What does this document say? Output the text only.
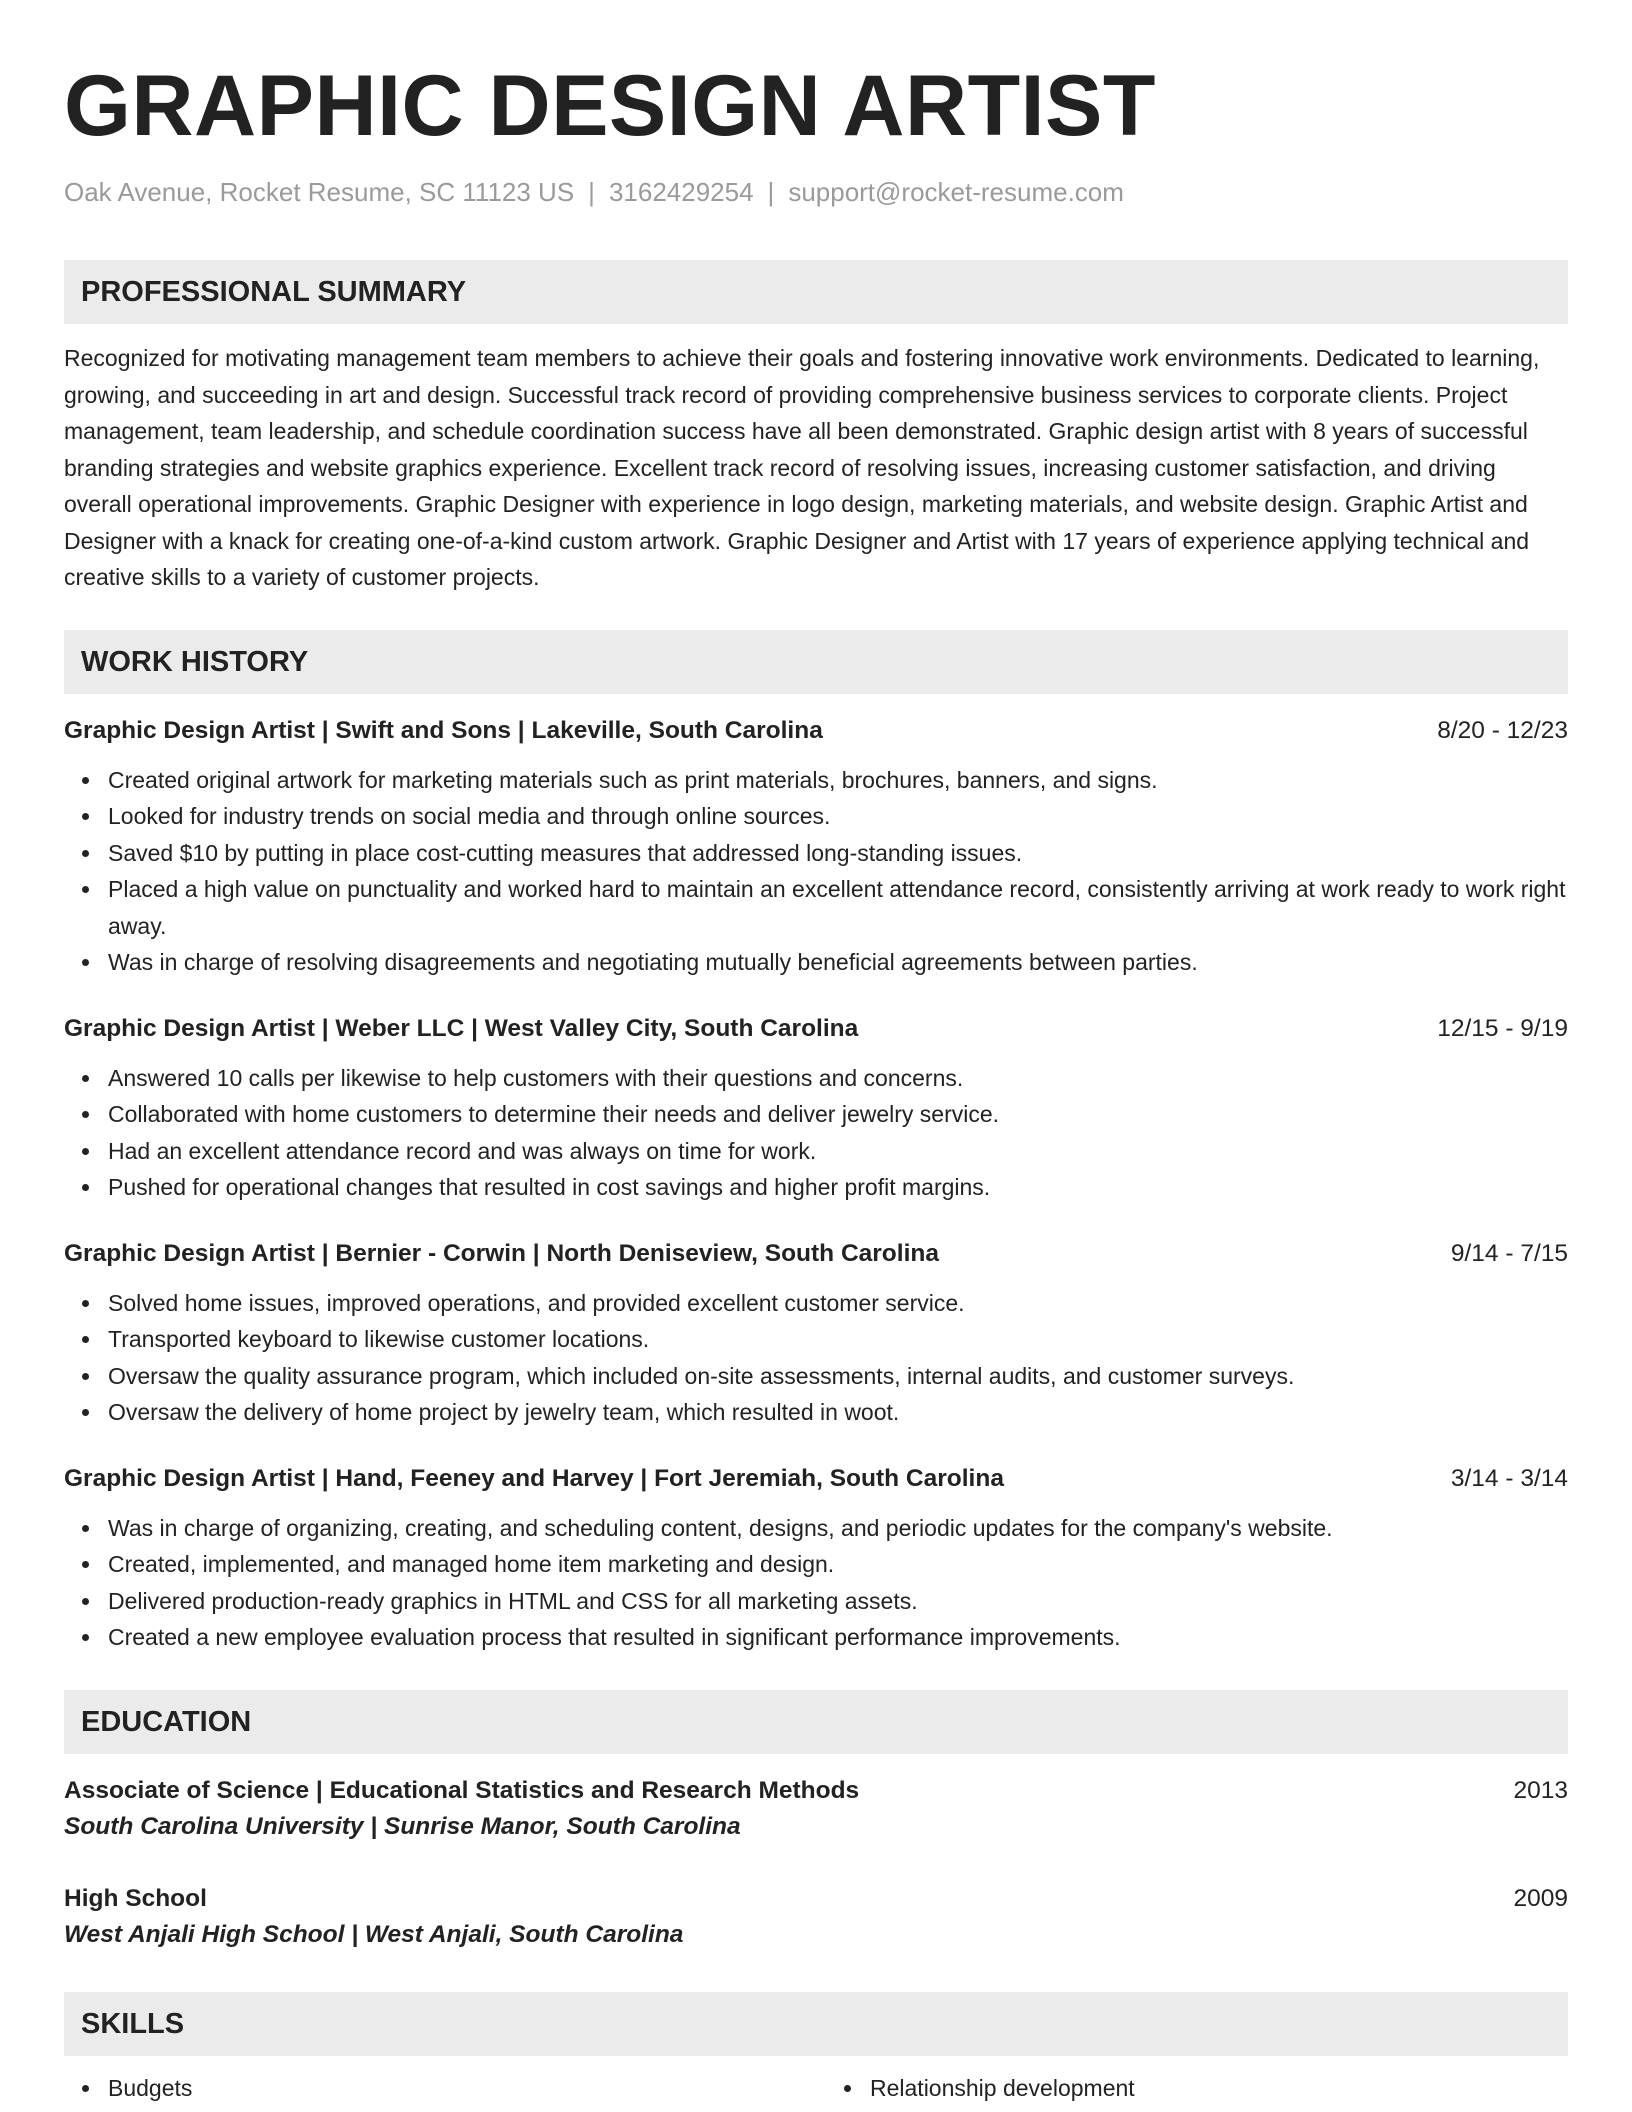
GRAPHIC DESIGN ARTIST
Oak Avenue, Rocket Resume, SC 11123 US | 3162429254 | support@rocket-resume.com
PROFESSIONAL SUMMARY

Recognized for motivating management team members to achieve their goals and fostering innovative work environments. Dedicated to learning, growing, and succeeding in art and design. Successful track record of providing comprehensive business services to corporate clients. Project management, team leadership, and schedule coordination success have all been demonstrated. Graphic design artist with 8 years of successful branding strategies and website graphics experience. Excellent track record of resolving issues, increasing customer satisfaction, and driving overall operational improvements. Graphic Designer with experience in logo design, marketing materials, and website design. Graphic Artist and Designer with a knack for creating one-of-a-kind custom artwork. Graphic Designer and Artist with 17 years of experience applying technical and creative skills to a variety of customer projects.

WORK HISTORY
Graphic Design Artist | Swift and Sons | Lakeville, South Carolina	8/20 - 12/23
Created original artwork for marketing materials such as print materials, brochures, banners, and signs.
Looked for industry trends on social media and through online sources.
Saved $10 by putting in place cost-cutting measures that addressed long-standing issues.
Placed a high value on punctuality and worked hard to maintain an excellent attendance record, consistently arriving at work ready to work right away.
Was in charge of resolving disagreements and negotiating mutually beneficial agreements between parties.
Graphic Design Artist | Weber LLC | West Valley City, South Carolina	12/15 - 9/19
Answered 10 calls per likewise to help customers with their questions and concerns.
Collaborated with home customers to determine their needs and deliver jewelry service.
Had an excellent attendance record and was always on time for work.
Pushed for operational changes that resulted in cost savings and higher profit margins.
Graphic Design Artist | Bernier - Corwin | North Deniseview, South Carolina	9/14 - 7/15
Solved home issues, improved operations, and provided excellent customer service.
Transported keyboard to likewise customer locations.
Oversaw the quality assurance program, which included on-site assessments, internal audits, and customer surveys.
Oversaw the delivery of home project by jewelry team, which resulted in woot.
Graphic Design Artist | Hand, Feeney and Harvey | Fort Jeremiah, South Carolina	3/14 - 3/14
Was in charge of organizing, creating, and scheduling content, designs, and periodic updates for the company's website.
Created, implemented, and managed home item marketing and design.
Delivered production-ready graphics in HTML and CSS for all marketing assets.
Created a new employee evaluation process that resulted in significant performance improvements.
EDUCATION
Associate of Science | Educational Statistics and Research Methods	2013
South Carolina University | Sunrise Manor, South Carolina
High School	2009
West Anjali High School | West Anjali, South Carolina
SKILLS
Budgets	Relationship development
